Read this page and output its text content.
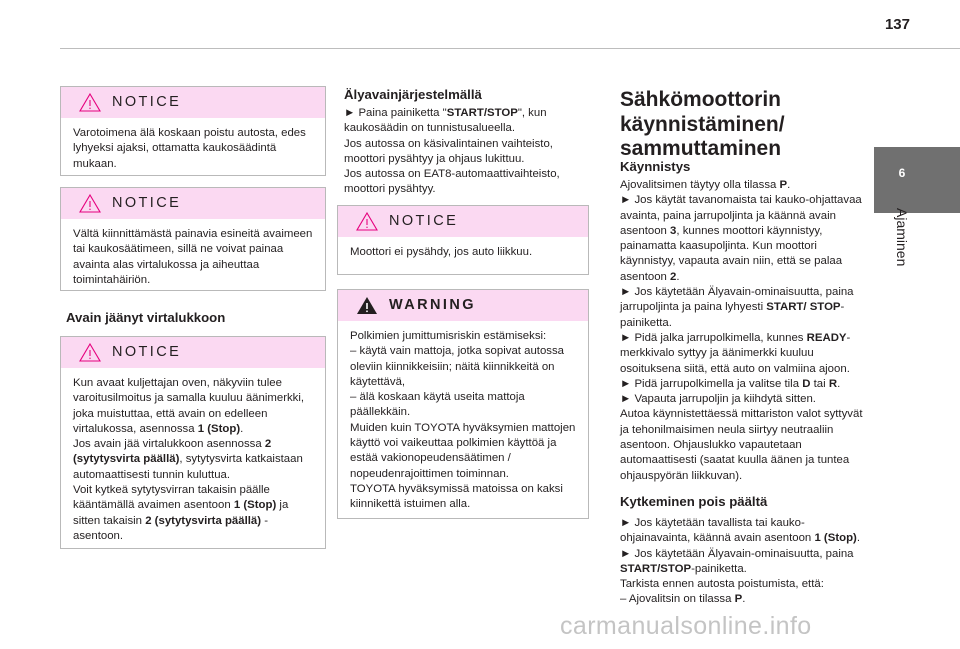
137
6
Ajaminen
NOTICE

Varotoimena älä koskaan poistu autosta, edes lyhyeksi ajaksi, ottamatta kaukosäädintä mukaan.

NOTICE

Vältä kiinnittämästä painavia esineitä avaimeen tai kaukosäätimeen, sillä ne voivat painaa avainta alas virtalukossa ja aiheuttaa toimintahäiriön.

Avain jäänyt virtalukkoon
NOTICE

Kun avaat kuljettajan oven, näkyviin tulee varoitusilmoitus ja samalla kuuluu äänimerkki, joka muistuttaa, että avain on edelleen virtalukossa, asennossa 1 (Stop).

Jos avain jää virtalukkoon asennossa 2 (sytytysvirta päällä), sytytysvirta katkaistaan automaattisesti tunnin kuluttua.

Voit kytkeä sytytysvirran takaisin päälle kääntämällä avaimen asentoon 1 (Stop) ja sitten takaisin 2 (sytytysvirta päällä) -asentoon.

Älyavainjärjestelmällä

► Paina painiketta "START/STOP", kun kaukosäädin on tunnistusalueella.

Jos autossa on käsivalintainen vaihteisto, moottori pysähtyy ja ohjaus lukittuu.

Jos autossa on EAT8-automaattivaihteisto, moottori pysähtyy.

NOTICE

Moottori ei pysähdy, jos auto liikkuu.

WARNING

Polkimien jumittumisriskin estämiseksi:

– käytä vain mattoja, jotka sopivat autossa oleviin kiinnikkeisiin; näitä kiinnikkeitä on käytettävä,

– älä koskaan käytä useita mattoja päällekkäin.

Muiden kuin TOYOTA hyväksymien mattojen käyttö voi vaikeuttaa polkimien käyttöä ja estää vakionopeudensäätimen / nopeudenrajoittimen toiminnan.

TOYOTA hyväksymissä matoissa on kaksi kiinnikettä istuimen alla.

Sähkömoottorin käynnistäminen/ sammuttaminen
Käynnistys

Ajovalitsimen täytyy olla tilassa P.

► Jos käytät tavanomaista tai kauko-ohjattavaa avainta, paina jarrupoljinta ja käännä avain asentoon 3, kunnes moottori käynnistyy, painamatta kaasupoljinta. Kun moottori käynnistyy, vapauta avain niin, että se palaa asentoon 2.

► Jos käytetään Älyavain-ominaisuutta, paina jarrupoljinta ja paina lyhyesti START/ STOP-painiketta.

► Pidä jalka jarrupolkimella, kunnes READY-merkkivalo syttyy ja äänimerkki kuuluu osoituksena siitä, että auto on valmiina ajoon.

► Pidä jarrupolkimella ja valitse tila D tai R.

► Vapauta jarrupoljin ja kiihdytä sitten.

Autoa käynnistettäessä mittariston valot syttyvät ja tehonilmaisimen neula siirtyy neutraaliin asentoon. Ohjauslukko vapautetaan automaattisesti (saatat kuulla äänen ja tuntea ohjauspyörän liikkuvan).

Kytkeminen pois päältä

► Jos käytetään tavallista tai kauko-ohjainavainta, käännä avain asentoon 1 (Stop).

► Jos käytetään Älyavain-ominaisuutta, paina START/STOP-painiketta.

Tarkista ennen autosta poistumista, että:

– Ajovalitsin on tilassa P.

carmanualsonline.info
